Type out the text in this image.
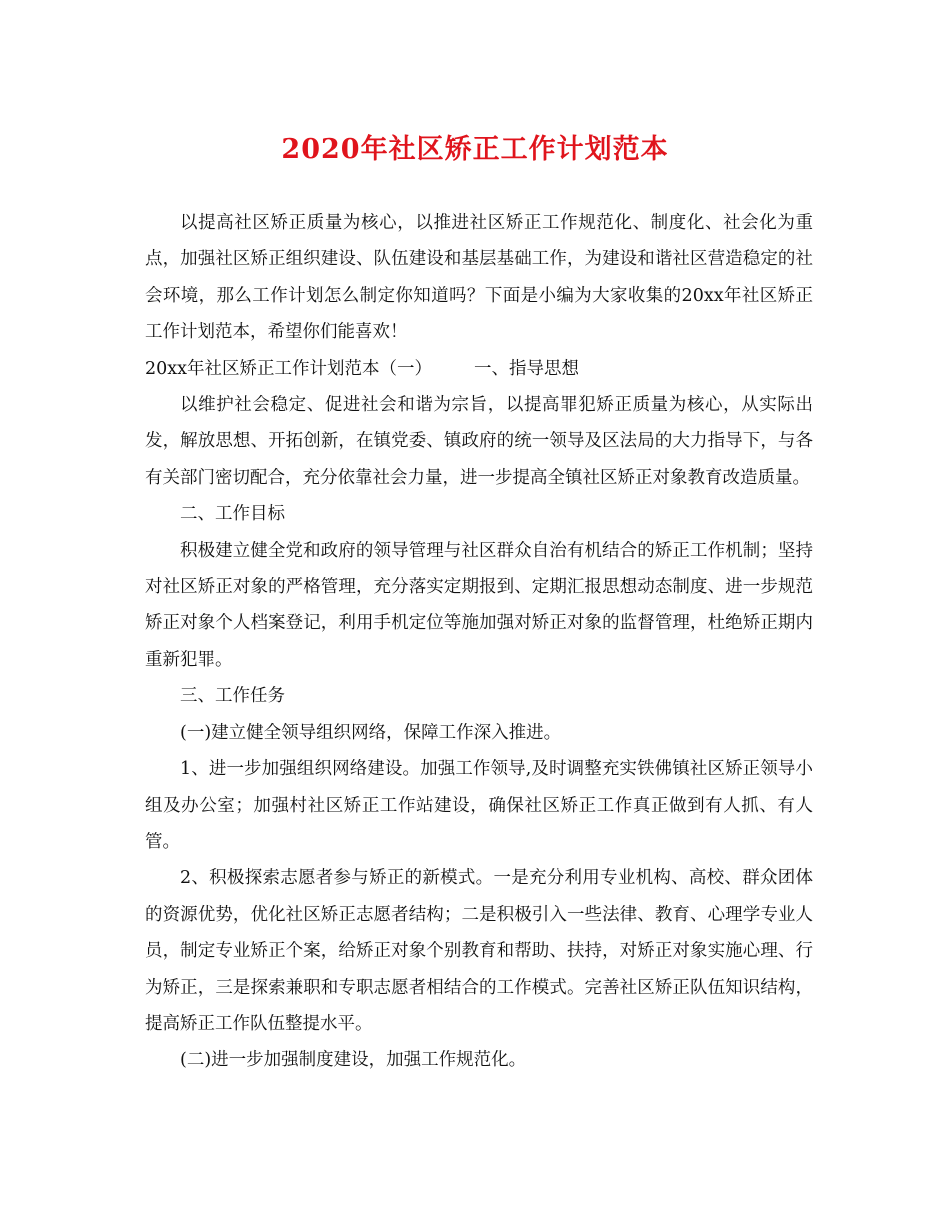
2020年社区矫正工作计划范本

以提高社区矫正质量为核心，以推进社区矫正工作规范化、制度化、社会化为重点，加强社区矫正组织建设、队伍建设和基层基础工作，为建设和谐社区营造稳定的社会环境，那么工作计划怎么制定你知道吗？下面是小编为大家收集的20xx年社区矫正工作计划范本，希望你们能喜欢！

20xx年社区矫正工作计划范本（一） 一、指导思想

以维护社会稳定、促进社会和谐为宗旨，以提高罪犯矫正质量为核心，从实际出发，解放思想、开拓创新，在镇党委、镇政府的统一领导及区法局的大力指导下，与各有关部门密切配合，充分依靠社会力量，进一步提高全镇社区矫正对象教育改造质量。

二、工作目标

积极建立健全党和政府的领导管理与社区群众自治有机结合的矫正工作机制；坚持对社区矫正对象的严格管理，充分落实定期报到、定期汇报思想动态制度、进一步规范矫正对象个人档案登记，利用手机定位等施加强对矫正对象的监督管理，杜绝矫正期内重新犯罪。

三、工作任务

(一)建立健全领导组织网络，保障工作深入推进。

1、进一步加强组织网络建设。加强工作领导,及时调整充实铁佛镇社区矫正领导小组及办公室；加强村社区矫正工作站建设，确保社区矫正工作真正做到有人抓、有人管。

2、积极探索志愿者参与矫正的新模式。一是充分利用专业机构、高校、群众团体的资源优势，优化社区矫正志愿者结构；二是积极引入一些法律、教育、心理学专业人员，制定专业矫正个案，给矫正对象个别教育和帮助、扶持，对矫正对象实施心理、行为矫正，三是探索兼职和专职志愿者相结合的工作模式。完善社区矫正队伍知识结构，提高矫正工作队伍整提水平。

(二)进一步加强制度建设，加强工作规范化。
